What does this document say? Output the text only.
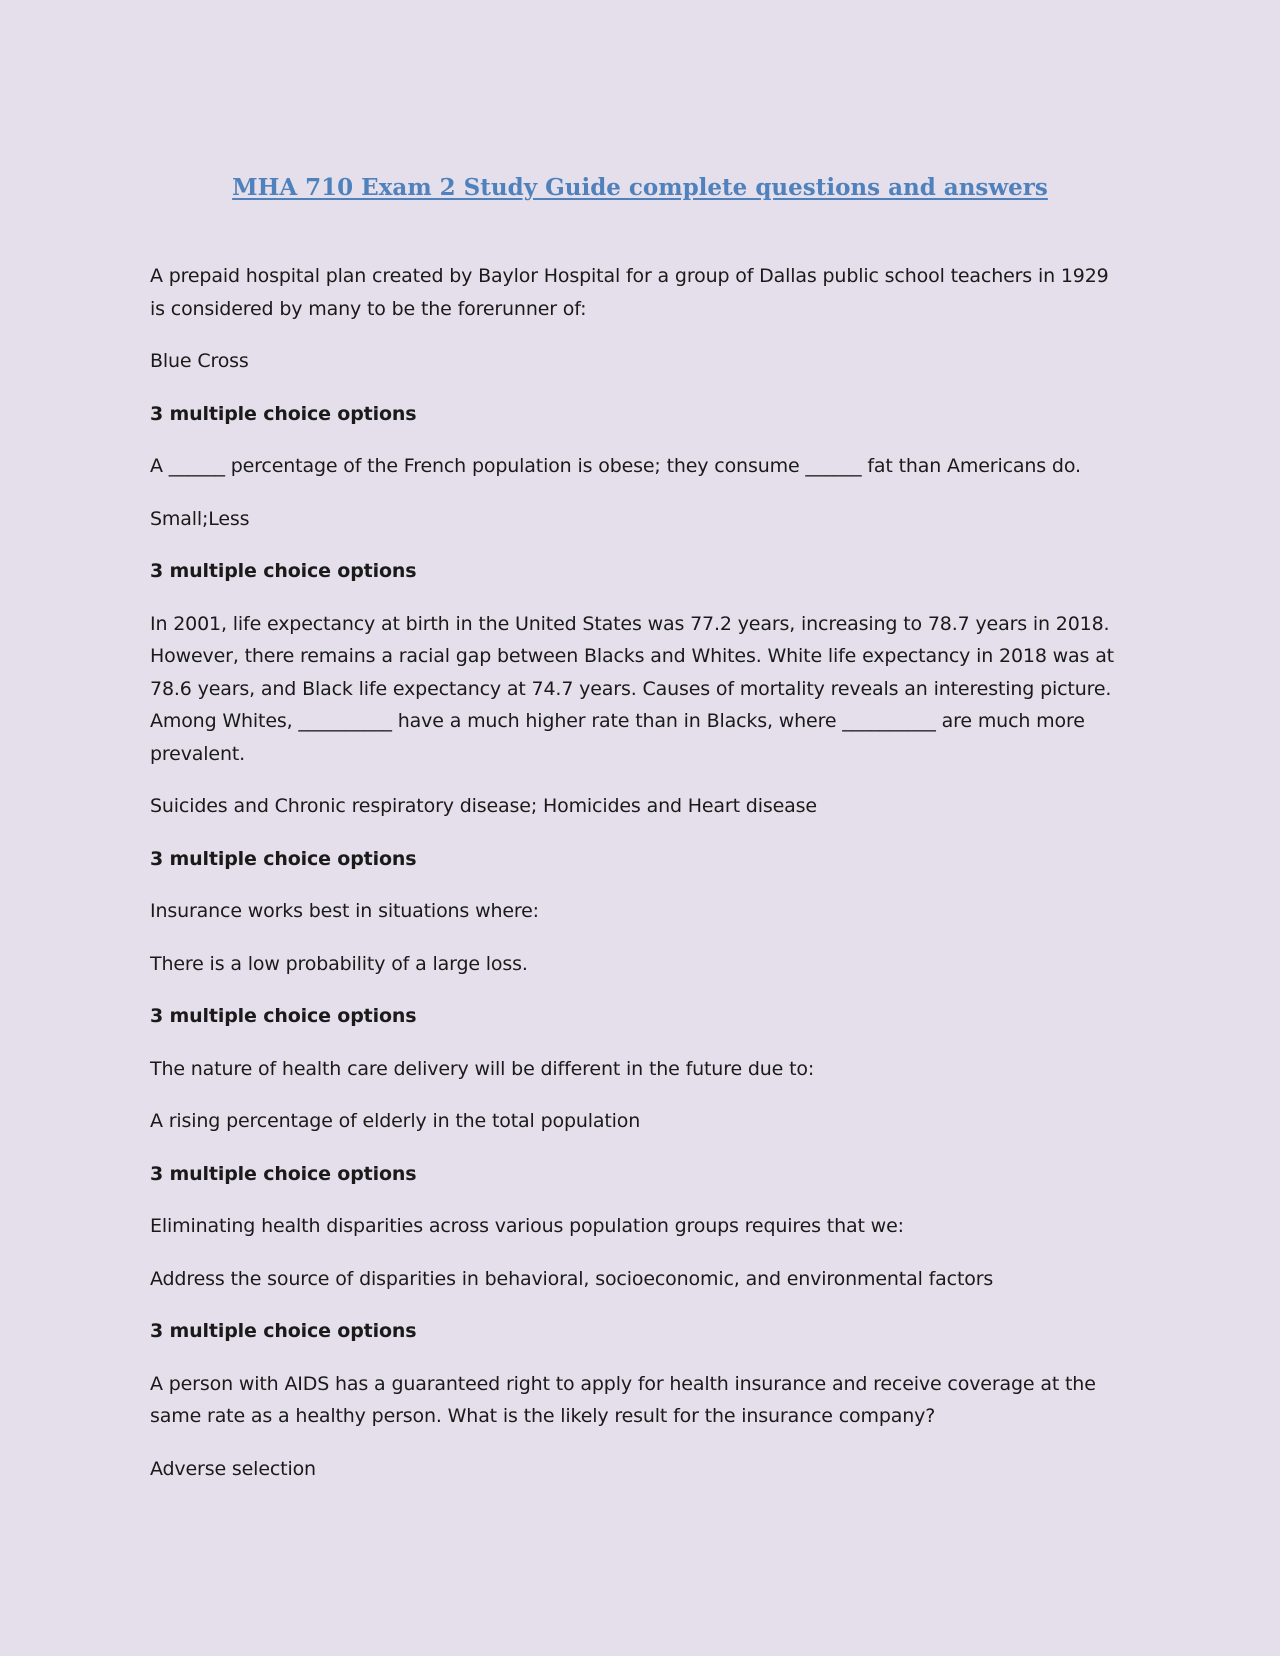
MHA 710 Exam 2 Study Guide complete questions and answers

A prepaid hospital plan created by Baylor Hospital for a group of Dallas public school teachers in 1929 is considered by many to be the forerunner of:

Blue Cross

3 multiple choice options

A ______ percentage of the French population is obese; they consume ______ fat than Americans do.

Small;Less

3 multiple choice options

In 2001, life expectancy at birth in the United States was 77.2 years, increasing to 78.7 years in 2018. However, there remains a racial gap between Blacks and Whites. White life expectancy in 2018 was at 78.6 years, and Black life expectancy at 74.7 years. Causes of mortality reveals an interesting picture. Among Whites, __________ have a much higher rate than in Blacks, where __________ are much more prevalent.

Suicides and Chronic respiratory disease; Homicides and Heart disease

3 multiple choice options

Insurance works best in situations where:

There is a low probability of a large loss.

3 multiple choice options

The nature of health care delivery will be different in the future due to:

A rising percentage of elderly in the total population

3 multiple choice options

Eliminating health disparities across various population groups requires that we:

Address the source of disparities in behavioral, socioeconomic, and environmental factors

3 multiple choice options

A person with AIDS has a guaranteed right to apply for health insurance and receive coverage at the same rate as a healthy person. What is the likely result for the insurance company?

Adverse selection
